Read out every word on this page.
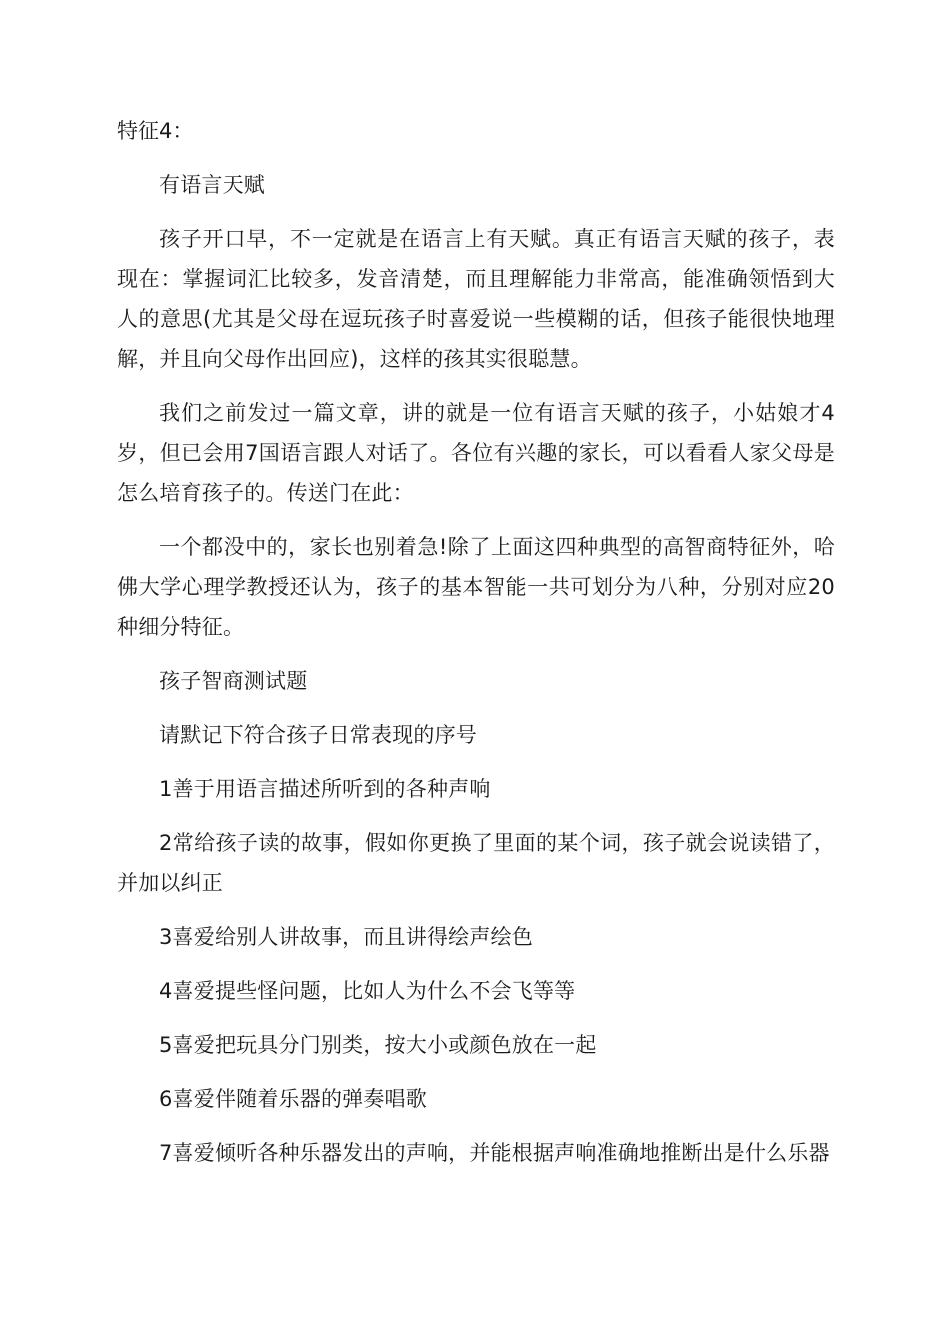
特征4：

有语言天赋

孩子开口早，不一定就是在语言上有天赋。真正有语言天赋的孩子，表现在：掌握词汇比较多，发音清楚，而且理解能力非常高，能准确领悟到大人的意思(尤其是父母在逗玩孩子时喜爱说一些模糊的话，但孩子能很快地理解，并且向父母作出回应)，这样的孩其实很聪慧。

我们之前发过一篇文章，讲的就是一位有语言天赋的孩子，小姑娘才4岁，但已会用7国语言跟人对话了。各位有兴趣的家长，可以看看人家父母是怎么培育孩子的。传送门在此：

一个都没中的，家长也别着急!除了上面这四种典型的高智商特征外，哈佛大学心理学教授还认为，孩子的基本智能一共可划分为八种，分别对应20种细分特征。

孩子智商测试题

请默记下符合孩子日常表现的序号

1善于用语言描述所听到的各种声响

2常给孩子读的故事，假如你更换了里面的某个词，孩子就会说读错了，并加以纠正

3喜爱给别人讲故事，而且讲得绘声绘色

4喜爱提些怪问题，比如人为什么不会飞等等

5喜爱把玩具分门别类，按大小或颜色放在一起

6喜爱伴随着乐器的弹奏唱歌

7喜爱倾听各种乐器发出的声响，并能根据声响准确地推断出是什么乐器
